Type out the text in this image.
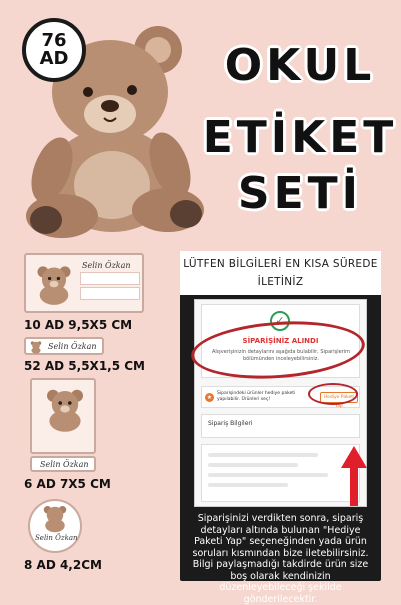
76
AD	OKUL
ETİKET
SETİ
Selin Özkan
10 AD 9,5X5 CM
Selin Özkan
52 AD 5,5X1,5 CM
Selin Özkan
6 AD 7X5 CM
Selin Özkan
8 AD 4,2CM
LÜTFEN BİLGİLERİ EN KISA SÜREDE İLETİNİZ
✓
SİPARİŞİNİZ ALINDI
Alışverişinizin detaylarını aşağıda bulabilir, Siparişlerim bölümünden inceleyebilirsiniz.
★
Siparişindeki ürünler hediye paketi yapılabilir. Ürünleri seç!	Hediye Paketi Yap
Sipariş Bilgileri
Siparişinizi verdikten sonra, sipariş detayları altında bulunan "Hediye Paketi Yap" seçeneğinden yada ürün soruları kısmından bize iletebilirsiniz. Bilgi paylaşmadığı takdirde ürün size boş olarak kendinizin düzenleyebileceği şekilde gönderilecektir.
